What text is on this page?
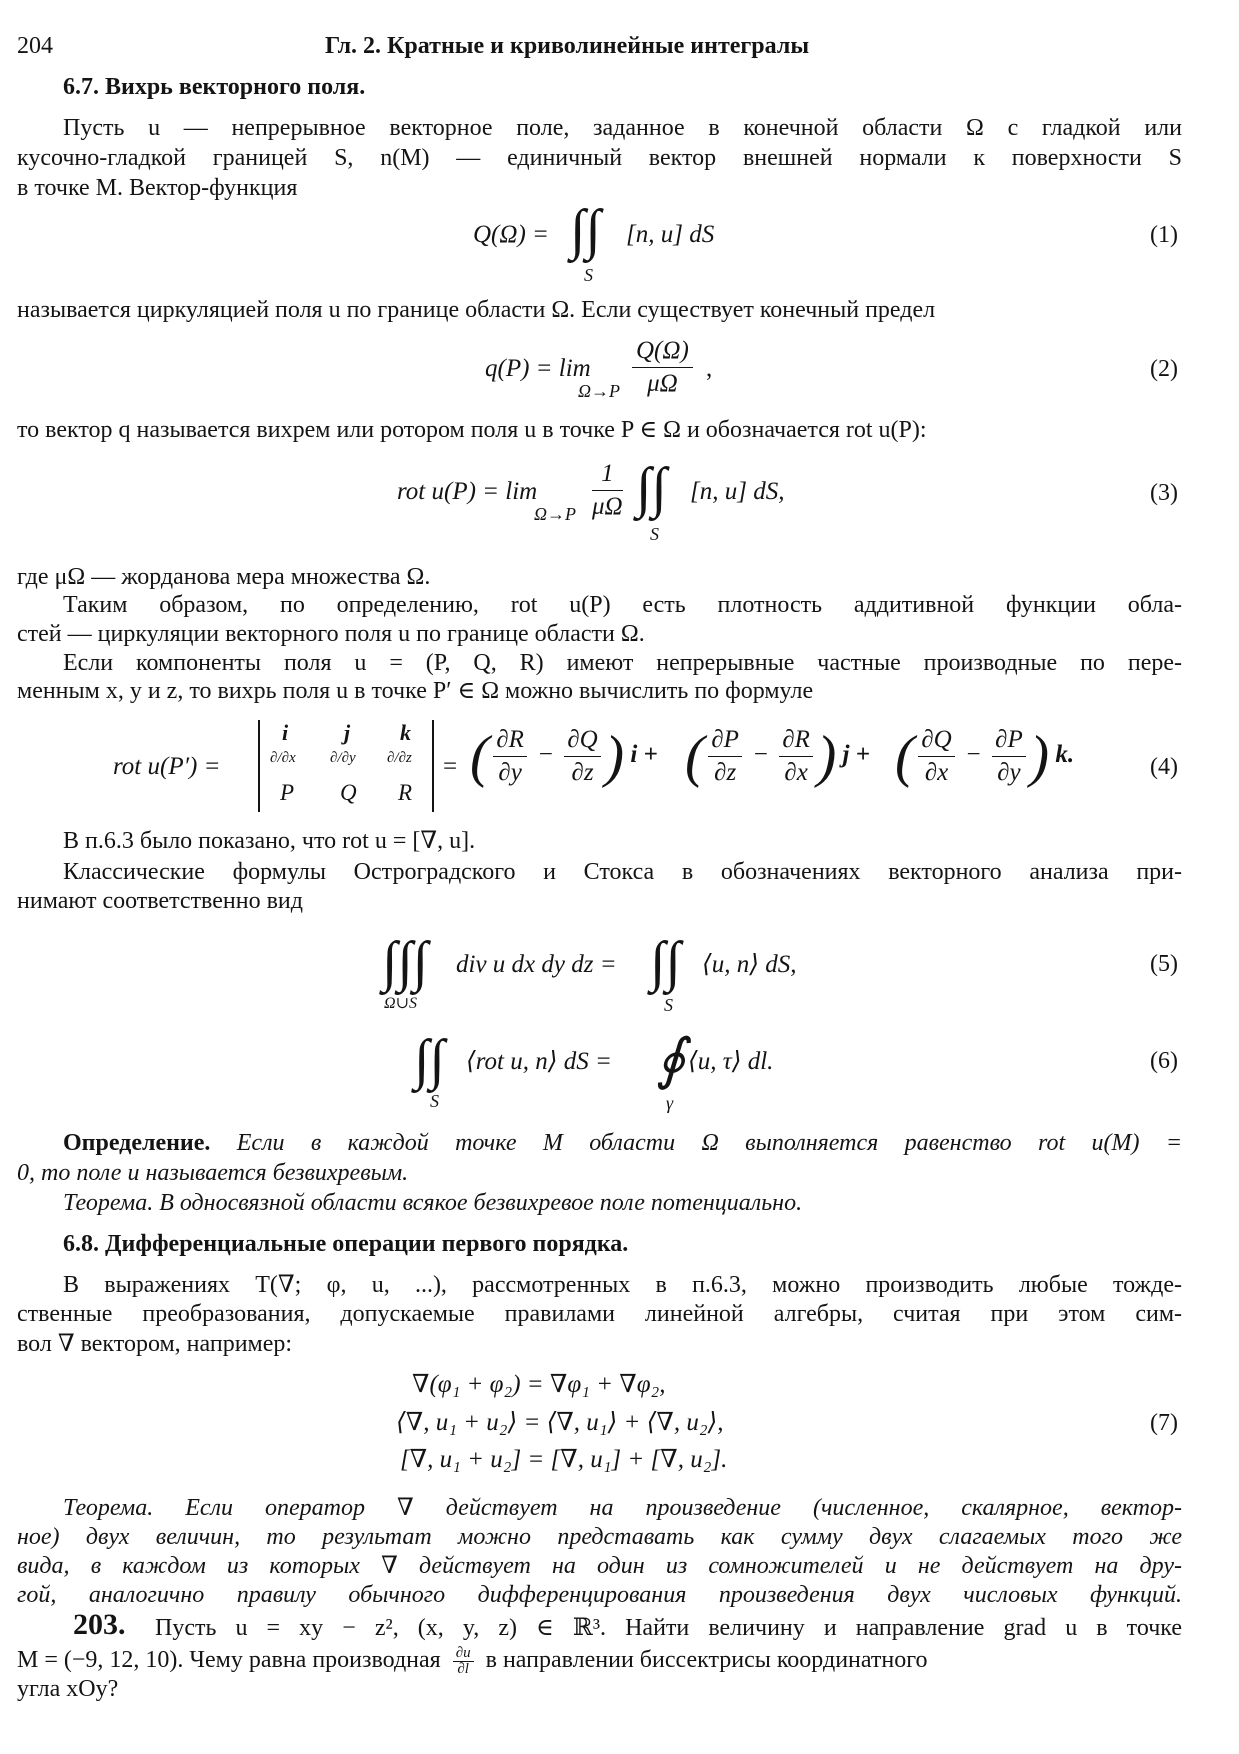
204	Гл. 2. Кратные и криволинейные интегралы
6.7. Вихрь векторного поля.
Пусть u — непрерывное векторное поле, заданное в конечной области Ω с гладкой или
кусочно-гладкой границей S, n(M) — единичный вектор внешней нормали к поверхности S
в точке M. Вектор-функция
Q(Ω) = ∫∫ [n, u] dS
S
(1)
называется циркуляцией поля u по границе области Ω. Если существует конечный предел
q(P) = lim
$\Omega\to P \frac{Q(\Omega)}{\mu\Omega}$ ,	(2)
то вектор q называется вихрем или ротором поля u в точке P ∈ Ω и обозначается rot u(P):
rot u(P) = lim
$\Omega\to P \frac{1}{\mu\Omega}$ ∫∫ [n, u] dS,
S
(3)
где μΩ — жорданова мера множества Ω.
Таким образом, по определению, rot u(P) есть плотность аддитивной функции обла-
стей — циркуляции векторного поля u по границе области Ω.
Если компоненты поля u = (P, Q, R) имеют непрерывные частные производные по пере-
менным x, y и z, то вихрь поля u в точке P′ ∈ Ω можно вычислить по формуле
rot u(P′) =
i	j k
∂/∂x ∂/∂y ∂/∂z
P Q R
= ( $\frac{\partial R}{\partial y} - \frac{\partial Q}{\partial z}$ ) i + ( $\frac{\partial P}{\partial z} - \frac{\partial R}{\partial x}$ ) j + ( $\frac{\partial Q}{\partial x} - \frac{\partial P}{\partial y}$ ) k.	(4)
В п.6.3 было показано, что rot u = [∇, u].
Классические формулы Остроградского и Стокса в обозначениях векторного анализа при-
нимают соответственно вид
∫∫∫
Ω∪S
div u dx dy dz = ∫∫
S
⟨u, n⟩ dS,	(5)
∫∫
S
⟨rot u, n⟩ dS = ∮
γ
⟨u, τ⟩ dl.	(6)
Определение. Если в каждой точке M области Ω выполняется равенство rot u(M) =
0, то поле u называется безвихревым.
Теорема. В односвязной области всякое безвихревое поле потенциально.
6.8. Дифференциальные операции первого порядка.
В выражениях T(∇; φ, u, ...), рассмотренных в п.6.3, можно производить любые тожде-
ственные преобразования, допускаемые правилами линейной алгебры, считая при этом сим-
вол ∇ вектором, например:
∇(φ₁ + φ₂) = ∇φ₁ + ∇φ₂,
⟨∇, u₁ + u₂⟩ = ⟨∇, u₁⟩ + ⟨∇, u₂⟩,
[∇, u₁ + u₂] = [∇, u₁] + [∇, u₂].
(7)
Теорема. Если оператор ∇ действует на произведение (численное, скалярное, вектор-
ное) двух величин, то результат можно представать как сумму двух слагаемых того же
вида, в каждом из которых ∇ действует на один из сомножителей и не действует на дру-
гой, аналогично правилу обычного дифференцирования произведения двух числовых функций.
203. Пусть u = xy − z², (x, y, z) ∈ ℝ³. Найти величину и направление grad u в точке
M = (−9, 12, 10). Чему равна производная $\frac{\partial u}{\partial l}$ в направлении биссектрисы координатного
угла xOy?
